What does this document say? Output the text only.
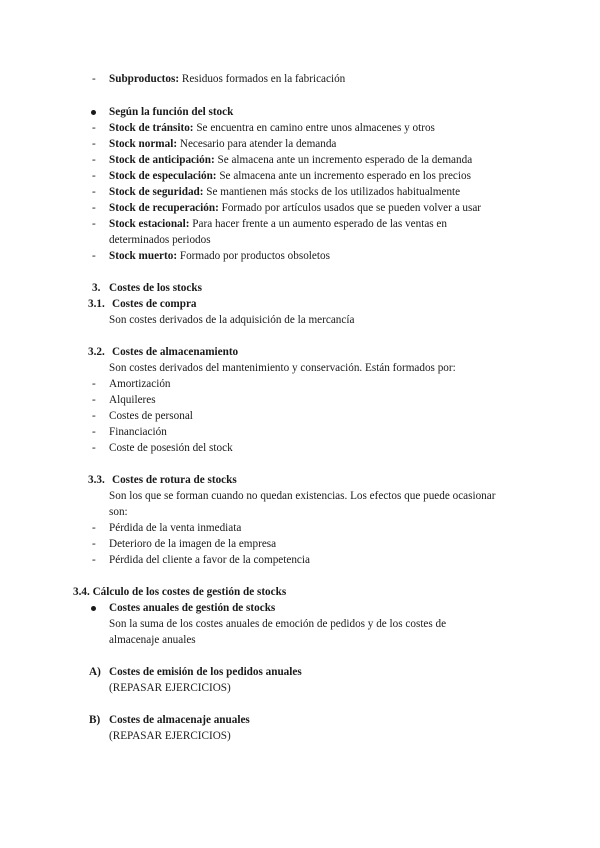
- Subproductos: Residuos formados en la fabricación
Según la función del stock
- Stock de tránsito: Se encuentra en camino entre unos almacenes y otros
- Stock normal: Necesario para atender la demanda
- Stock de anticipación: Se almacena ante un incremento esperado de la demanda
- Stock de especulación: Se almacena ante un incremento esperado en los precios
- Stock de seguridad: Se mantienen más stocks de los utilizados habitualmente
- Stock de recuperación: Formado por artículos usados que se pueden volver a usar
- Stock estacional: Para hacer frente a un aumento esperado de las ventas en
determinados periodos
- Stock muerto: Formado por productos obsoletos
3. Costes de los stocks
3.1. Costes de compra
Son costes derivados de la adquisición de la mercancía
3.2. Costes de almacenamiento
Son costes derivados del mantenimiento y conservación. Están formados por:
- Amortización
- Alquileres
- Costes de personal
- Financiación
- Coste de posesión del stock
3.3. Costes de rotura de stocks
Son los que se forman cuando no quedan existencias. Los efectos que puede ocasionar
son:
- Pérdida de la venta inmediata
- Deterioro de la imagen de la empresa
- Pérdida del cliente a favor de la competencia
3.4. Cálculo de los costes de gestión de stocks
Costes anuales de gestión de stocks
Son la suma de los costes anuales de emoción de pedidos y de los costes de
almacenaje anuales
A) Costes de emisión de los pedidos anuales
(REPASAR EJERCICIOS)
B) Costes de almacenaje anuales
(REPASAR EJERCICIOS)
